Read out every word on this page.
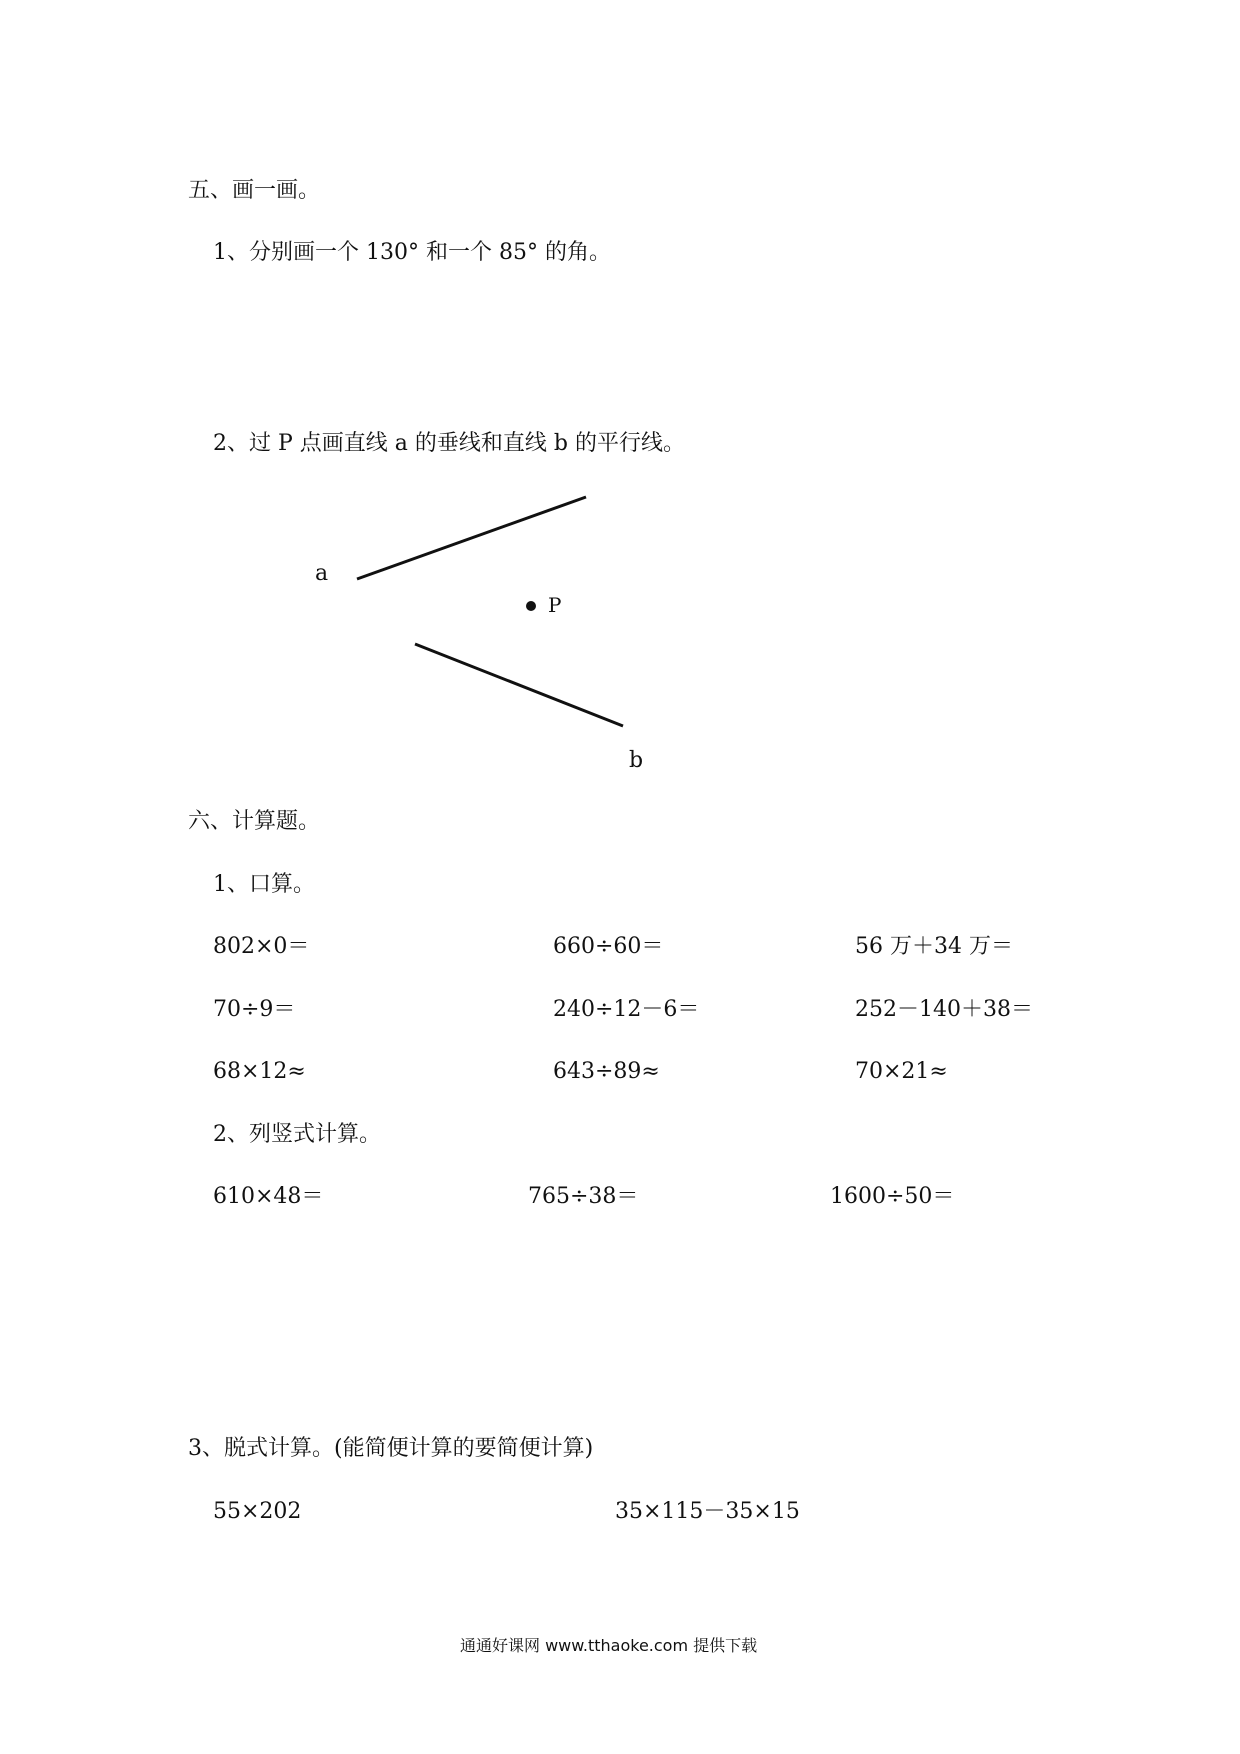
五、画一画。
1、分别画一个 130° 和一个 85° 的角。
2、过 P 点画直线 a 的垂线和直线 b 的平行线。
a
P
b
六、计算题。
1、口算。
802×0＝	660÷60＝	56 万＋34 万＝
70÷9＝	240÷12－6＝	252－140＋38＝
68×12≈	643÷89≈	70×21≈
2、列竖式计算。
610×48＝	765÷38＝	1600÷50＝
3、脱式计算。(能简便计算的要简便计算)
55×202	35×115－35×15
通通好课网 www.tthaoke.com 提供下载
